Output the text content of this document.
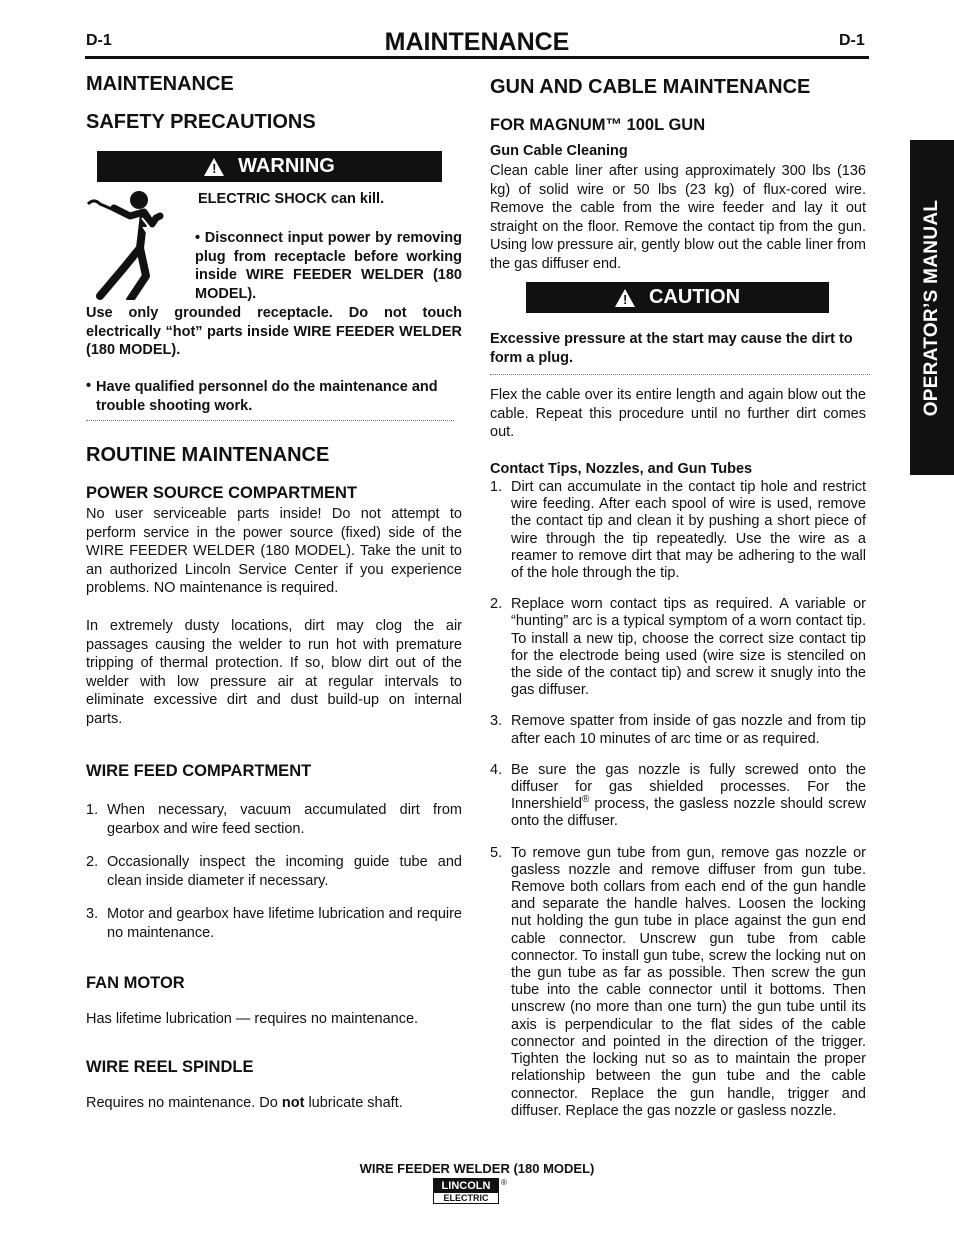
D-1	MAINTENANCE	D-1
OPERATOR’S MANUAL
MAINTENANCE
SAFETY PRECAUTIONS
!
WARNING
ELECTRIC SHOCK can kill.

• Disconnect input power by removing plug from receptacle before working inside WIRE FEEDER WELDER (180 MODEL).

Use only grounded receptacle. Do not touch electrically “hot” parts inside WIRE FEEDER WELDER (180 MODEL).

• Have qualified personnel do the maintenance and trouble shooting work.

ROUTINE MAINTENANCE
POWER SOURCE COMPARTMENT

No user serviceable parts inside! Do not attempt to perform service in the power source (fixed) side of the WIRE FEEDER WELDER (180 MODEL). Take the unit to an authorized Lincoln Service Center if you experience problems. NO maintenance is required.

In extremely dusty locations, dirt may clog the air passages causing the welder to run hot with premature tripping of thermal protection. If so, blow dirt out of the welder with low pressure air at regular intervals to eliminate excessive dirt and dust build-up on internal parts.

WIRE FEED COMPARTMENT
1. When necessary, vacuum accumulated dirt from gearbox and wire feed section.
2. Occasionally inspect the incoming guide tube and clean inside diameter if necessary.
3. Motor and gearbox have lifetime lubrication and require no maintenance.
FAN MOTOR

Has lifetime lubrication — requires no maintenance.

WIRE REEL SPINDLE

Requires no maintenance. Do not lubricate shaft.

GUN AND CABLE MAINTENANCE
FOR MAGNUM™ 100L GUN
Gun Cable Cleaning

Clean cable liner after using approximately 300 lbs (136 kg) of solid wire or 50 lbs (23 kg) of flux-cored wire. Remove the cable from the wire feeder and lay it out straight on the floor. Remove the contact tip from the gun. Using low pressure air, gently blow out the cable liner from the gas diffuser end.

!
CAUTION

Excessive pressure at the start may cause the dirt to form a plug.

Flex the cable over its entire length and again blow out the cable. Repeat this procedure until no further dirt comes out.

Contact Tips, Nozzles, and Gun Tubes
1. Dirt can accumulate in the contact tip hole and restrict wire feeding. After each spool of wire is used, remove the contact tip and clean it by pushing a short piece of wire through the tip repeatedly. Use the wire as a reamer to remove dirt that may be adhering to the wall of the hole through the tip.
2. Replace worn contact tips as required. A variable or “hunting” arc is a typical symptom of a worn contact tip. To install a new tip, choose the correct size contact tip for the electrode being used (wire size is stenciled on the side of the contact tip) and screw it snugly into the gas diffuser.
3. Remove spatter from inside of gas nozzle and from tip after each 10 minutes of arc time or as required.
4. Be sure the gas nozzle is fully screwed onto the diffuser for gas shielded processes. For the Innershield® process, the gasless nozzle should screw onto the diffuser.
5. To remove gun tube from gun, remove gas nozzle or gasless nozzle and remove diffuser from gun tube. Remove both collars from each end of the gun handle and separate the handle halves. Loosen the locking nut holding the gun tube in place against the gun end cable connector. Unscrew gun tube from cable connector. To install gun tube, screw the locking nut on the gun tube as far as possible. Then screw the gun tube into the cable connector until it bottoms. Then unscrew (no more than one turn) the gun tube until its axis is perpendicular to the flat sides of the cable connector and pointed in the direction of the trigger. Tighten the locking nut so as to maintain the proper relationship between the gun tube and the cable connector. Replace the gun handle, trigger and diffuser. Replace the gas nozzle or gasless nozzle.
WIRE FEEDER WELDER (180 MODEL)
LINCOLN
ELECTRIC
®
